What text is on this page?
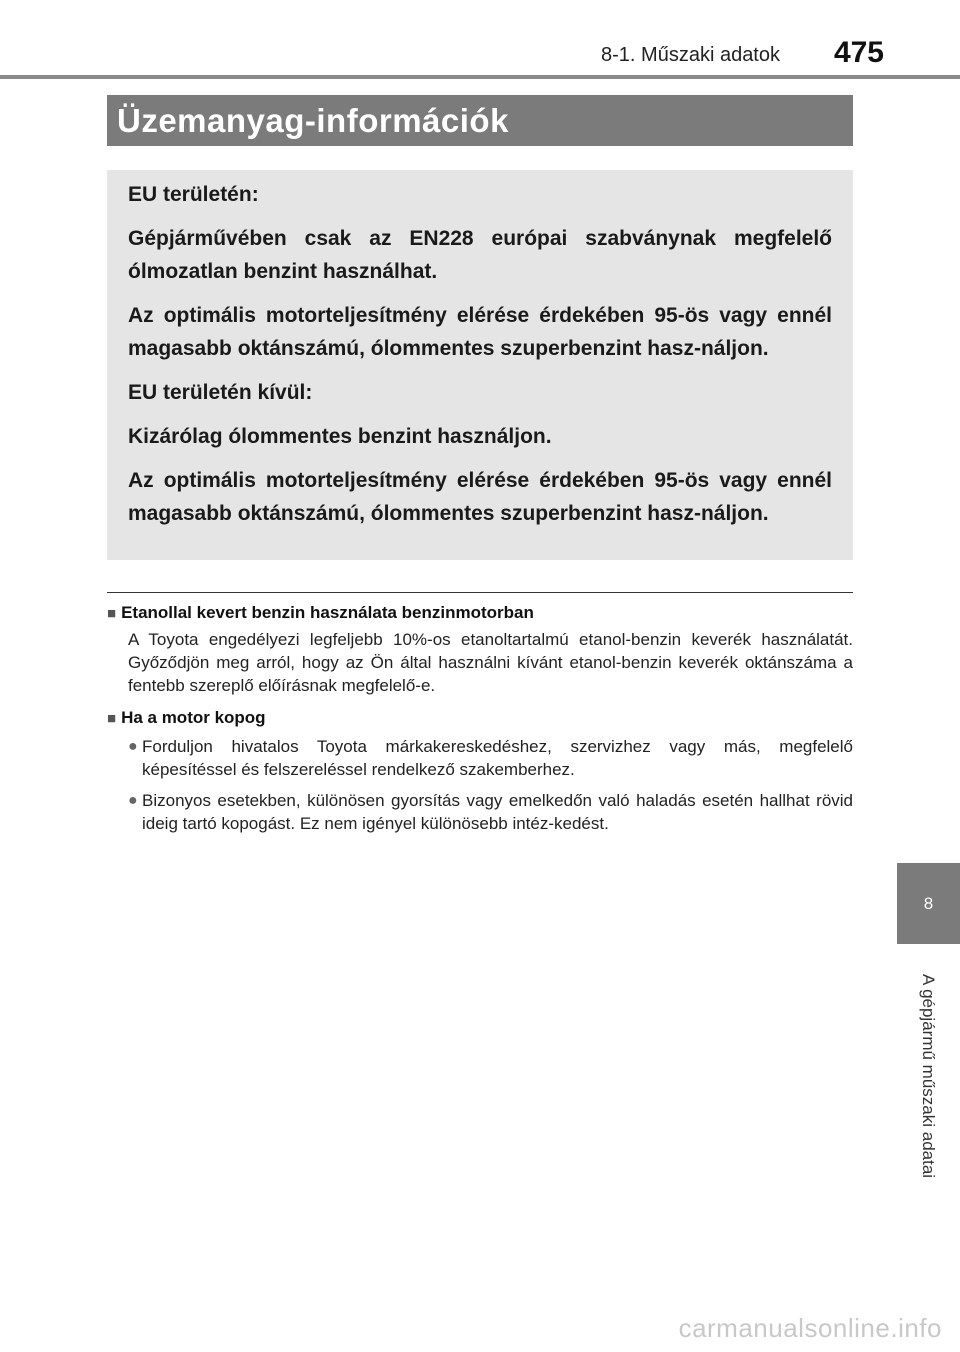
8-1. Műszaki adatok 475
Üzemanyag-információk

EU területén:

Gépjárművében csak az EN228 európai szabványnak megfelelő ólmozatlan benzint használhat.

Az optimális motorteljesítmény elérése érdekében 95-ös vagy ennél magasabb oktánszámú, ólommentes szuperbenzint hasz-náljon.

EU területén kívül:

Kizárólag ólommentes benzint használjon.

Az optimális motorteljesítmény elérése érdekében 95-ös vagy ennél magasabb oktánszámú, ólommentes szuperbenzint hasz-náljon.

■ Etanollal kevert benzin használata benzinmotorban
A Toyota engedélyezi legfeljebb 10%-os etanoltartalmú etanol-benzin keverék használatát. Győződjön meg arról, hogy az Ön által használni kívánt etanol-benzin keverék oktánszáma a fentebb szereplő előírásnak megfelelő-e.
■ Ha a motor kopog
● Forduljon hivatalos Toyota márkakereskedéshez, szervizhez vagy más, megfelelő képesítéssel és felszereléssel rendelkező szakemberhez.
● Bizonyos esetekben, különösen gyorsítás vagy emelkedőn való haladás esetén hallhat rövid ideig tartó kopogást. Ez nem igényel különösebb intéz-kedést.
8
A gépjármű műszaki adatai
carmanualsonline.info
